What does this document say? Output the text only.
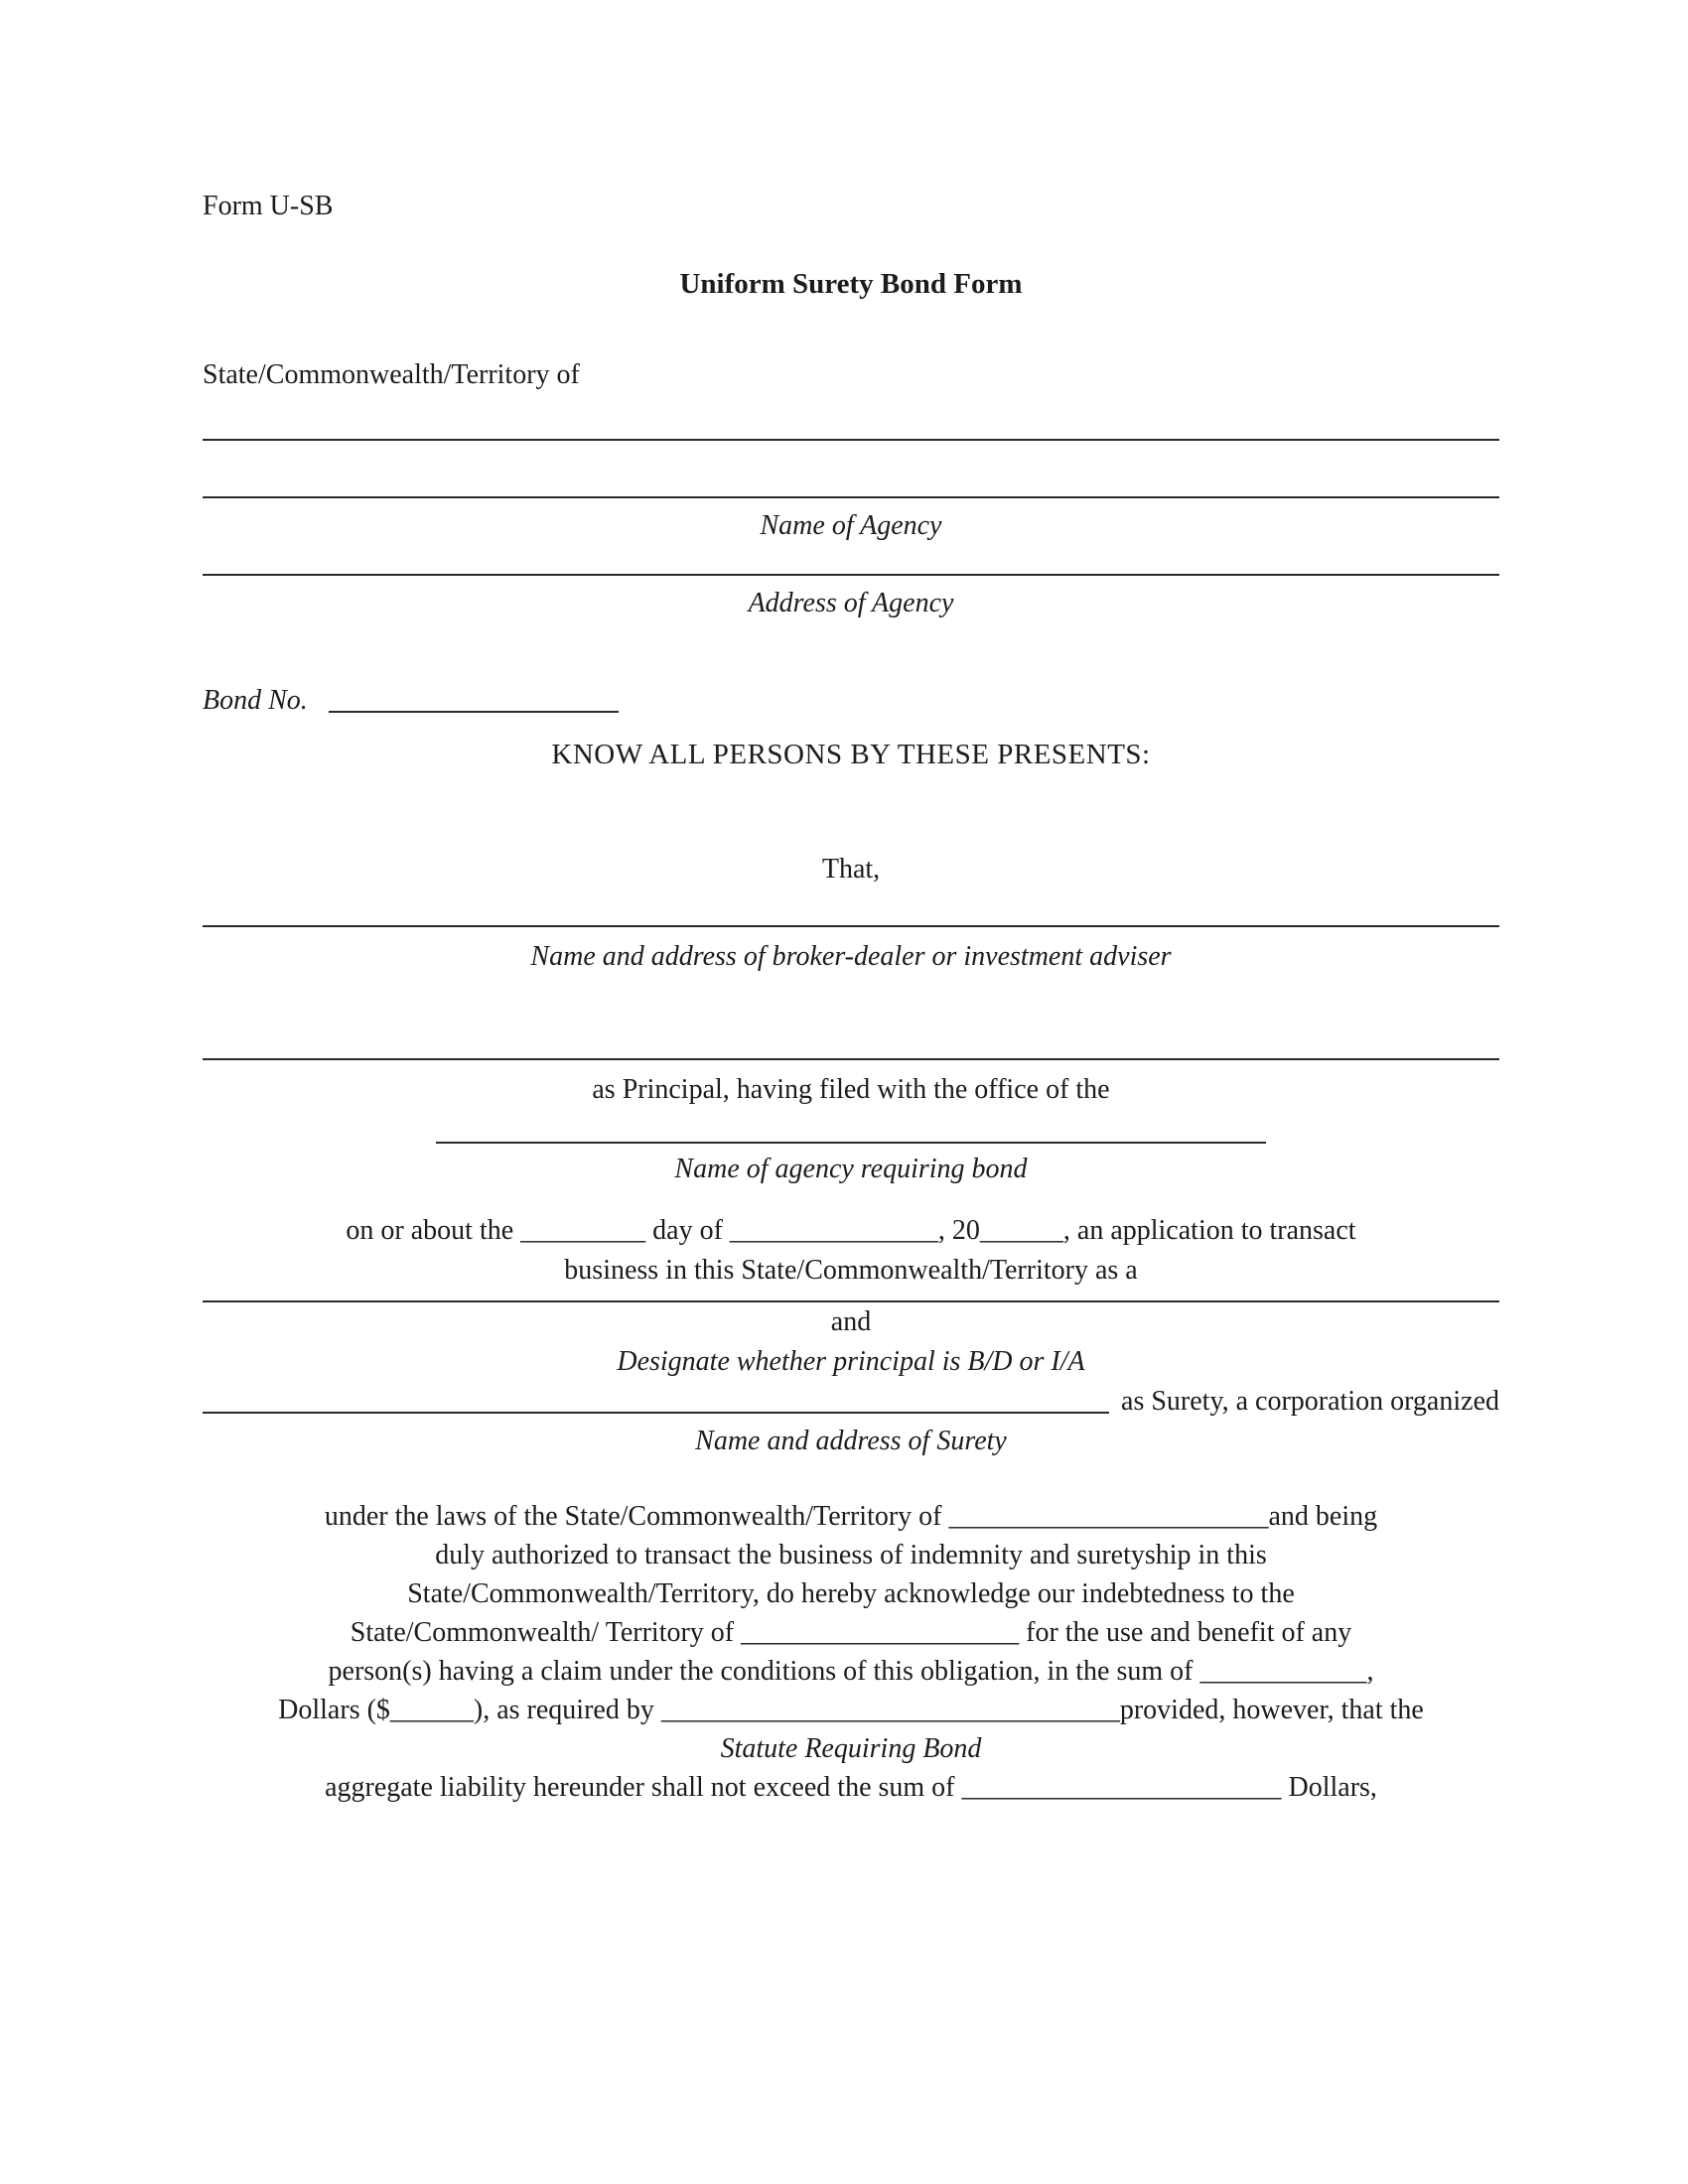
Form U-SB
Uniform Surety Bond Form
State/Commonwealth/Territory of
Name of Agency
Address of Agency
Bond No.
KNOW ALL PERSONS BY THESE PRESENTS:
That,
Name and address of broker-dealer or investment adviser
as Principal, having filed with the office of the
Name of agency requiring bond
on or about the _________ day of _______________, 20______, an application to transact
business in this State/Commonwealth/Territory as a
and
Designate whether principal is B/D or I/A
as Surety, a corporation organized
Name and address of Surety
under the laws of the State/Commonwealth/Territory of _______________________and being
duly authorized to transact the business of indemnity and suretyship in this
State/Commonwealth/Territory, do hereby acknowledge our indebtedness to the
State/Commonwealth/ Territory of ____________________ for the use and benefit of any
person(s) having a claim under the conditions of this obligation, in the sum of ____________,
Dollars ($______), as required by _________________________________provided, however, that the
Statute Requiring Bond
aggregate liability hereunder shall not exceed the sum of _______________________ Dollars,
